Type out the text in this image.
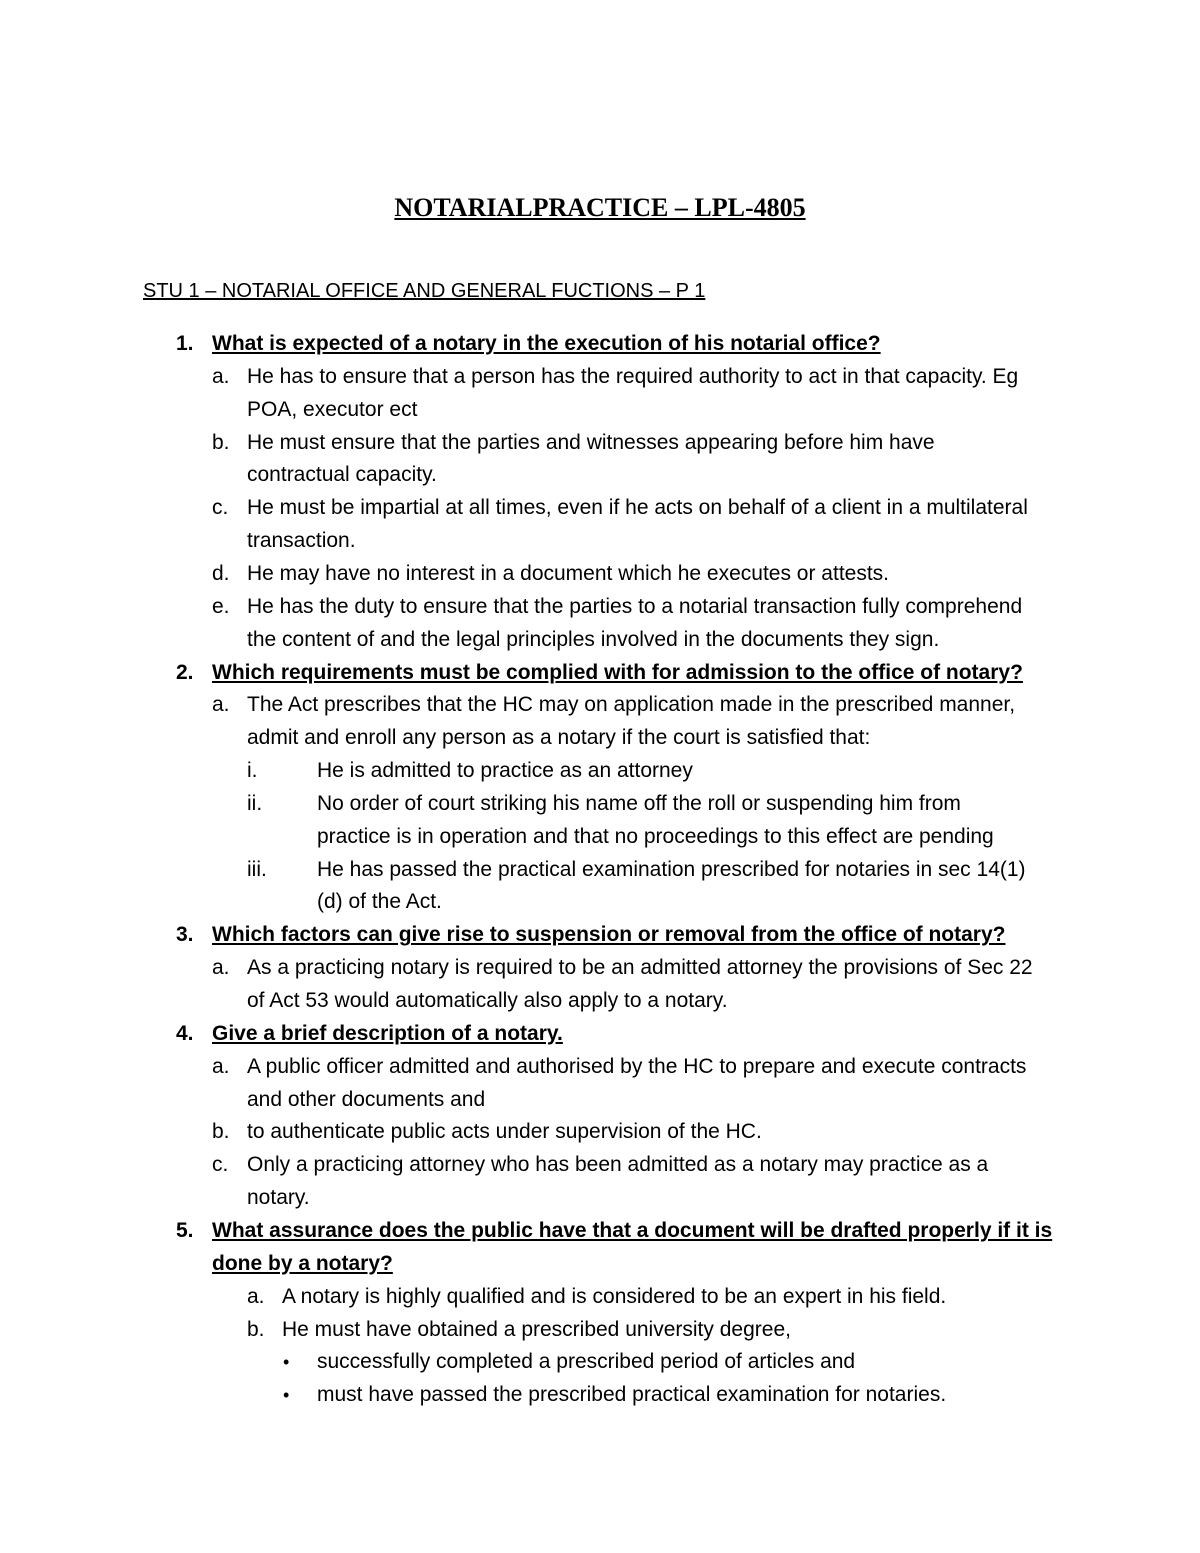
NOTARIALPRACTICE – LPL-4805
STU 1 – NOTARIAL OFFICE AND GENERAL FUCTIONS – P 1
1. What is expected of a notary in the execution of his notarial office?
a. He has to ensure that a person has the required authority to act in that capacity. Eg
POA, executor ect
b. He must ensure that the parties and witnesses appearing before him have
contractual capacity.
c. He must be impartial at all times, even if he acts on behalf of a client in a multilateral
transaction.
d. He may have no interest in a document which he executes or attests.
e. He has the duty to ensure that the parties to a notarial transaction fully comprehend
the content of and the legal principles involved in the documents they sign.
2. Which requirements must be complied with for admission to the office of notary?
a. The Act prescribes that the HC may on application made in the prescribed manner,
admit and enroll any person as a notary if the court is satisfied that:
i.	He is admitted to practice as an attorney
ii.	No order of court striking his name off the roll or suspending him from
practice is in operation and that no proceedings to this effect are pending
iii. He has passed the practical examination prescribed for notaries in sec 14(1)
(d) of the Act.
3. Which factors can give rise to suspension or removal from the office of notary?
a. As a practicing notary is required to be an admitted attorney the provisions of Sec 22
of Act 53 would automatically also apply to a notary.
4. Give a brief description of a notary.
a. A public officer admitted and authorised by the HC to prepare and execute contracts
and other documents and
b. to authenticate public acts under supervision of the HC.
c. Only a practicing attorney who has been admitted as a notary may practice as a
notary.
5. What assurance does the public have that a document will be drafted properly if it is
done by a notary?
a. A notary is highly qualified and is considered to be an expert in his field.
b. He must have obtained a prescribed university degree,
• successfully completed a prescribed period of articles and
• must have passed the prescribed practical examination for notaries.
